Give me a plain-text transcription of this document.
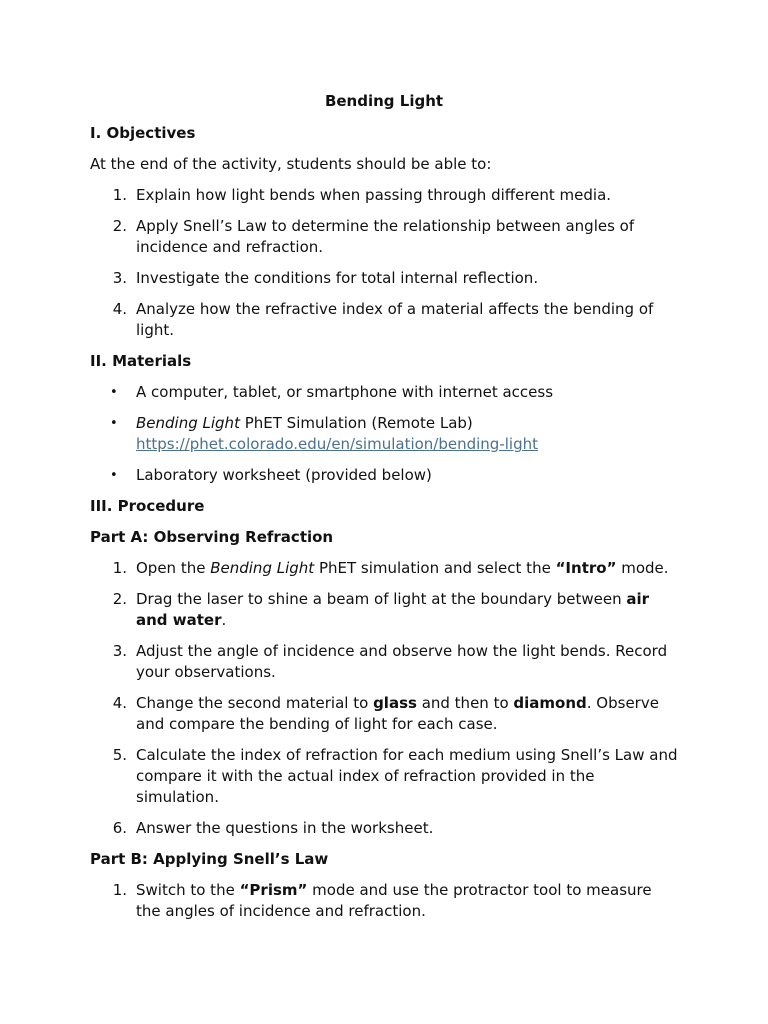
Bending Light
I. Objectives

At the end of the activity, students should be able to:

1. Explain how light bends when passing through different media.
2. Apply Snell’s Law to determine the relationship between angles of incidence and refraction.
3. Investigate the conditions for total internal reflection.
4. Analyze how the refractive index of a material affects the bending of light.
II. Materials
• A computer, tablet, or smartphone with internet access
• Bending Light PhET Simulation (Remote Lab)
https://phet.colorado.edu/en/simulation/bending-light
• Laboratory worksheet (provided below)
III. Procedure
Part A: Observing Refraction
1. Open the Bending Light PhET simulation and select the “Intro” mode.
2. Drag the laser to shine a beam of light at the boundary between air and water.
3. Adjust the angle of incidence and observe how the light bends. Record your observations.
4. Change the second material to glass and then to diamond. Observe and compare the bending of light for each case.
5. Calculate the index of refraction for each medium using Snell’s Law and compare it with the actual index of refraction provided in the simulation.
6. Answer the questions in the worksheet.
Part B: Applying Snell’s Law
1. Switch to the “Prism” mode and use the protractor tool to measure the angles of incidence and refraction.
